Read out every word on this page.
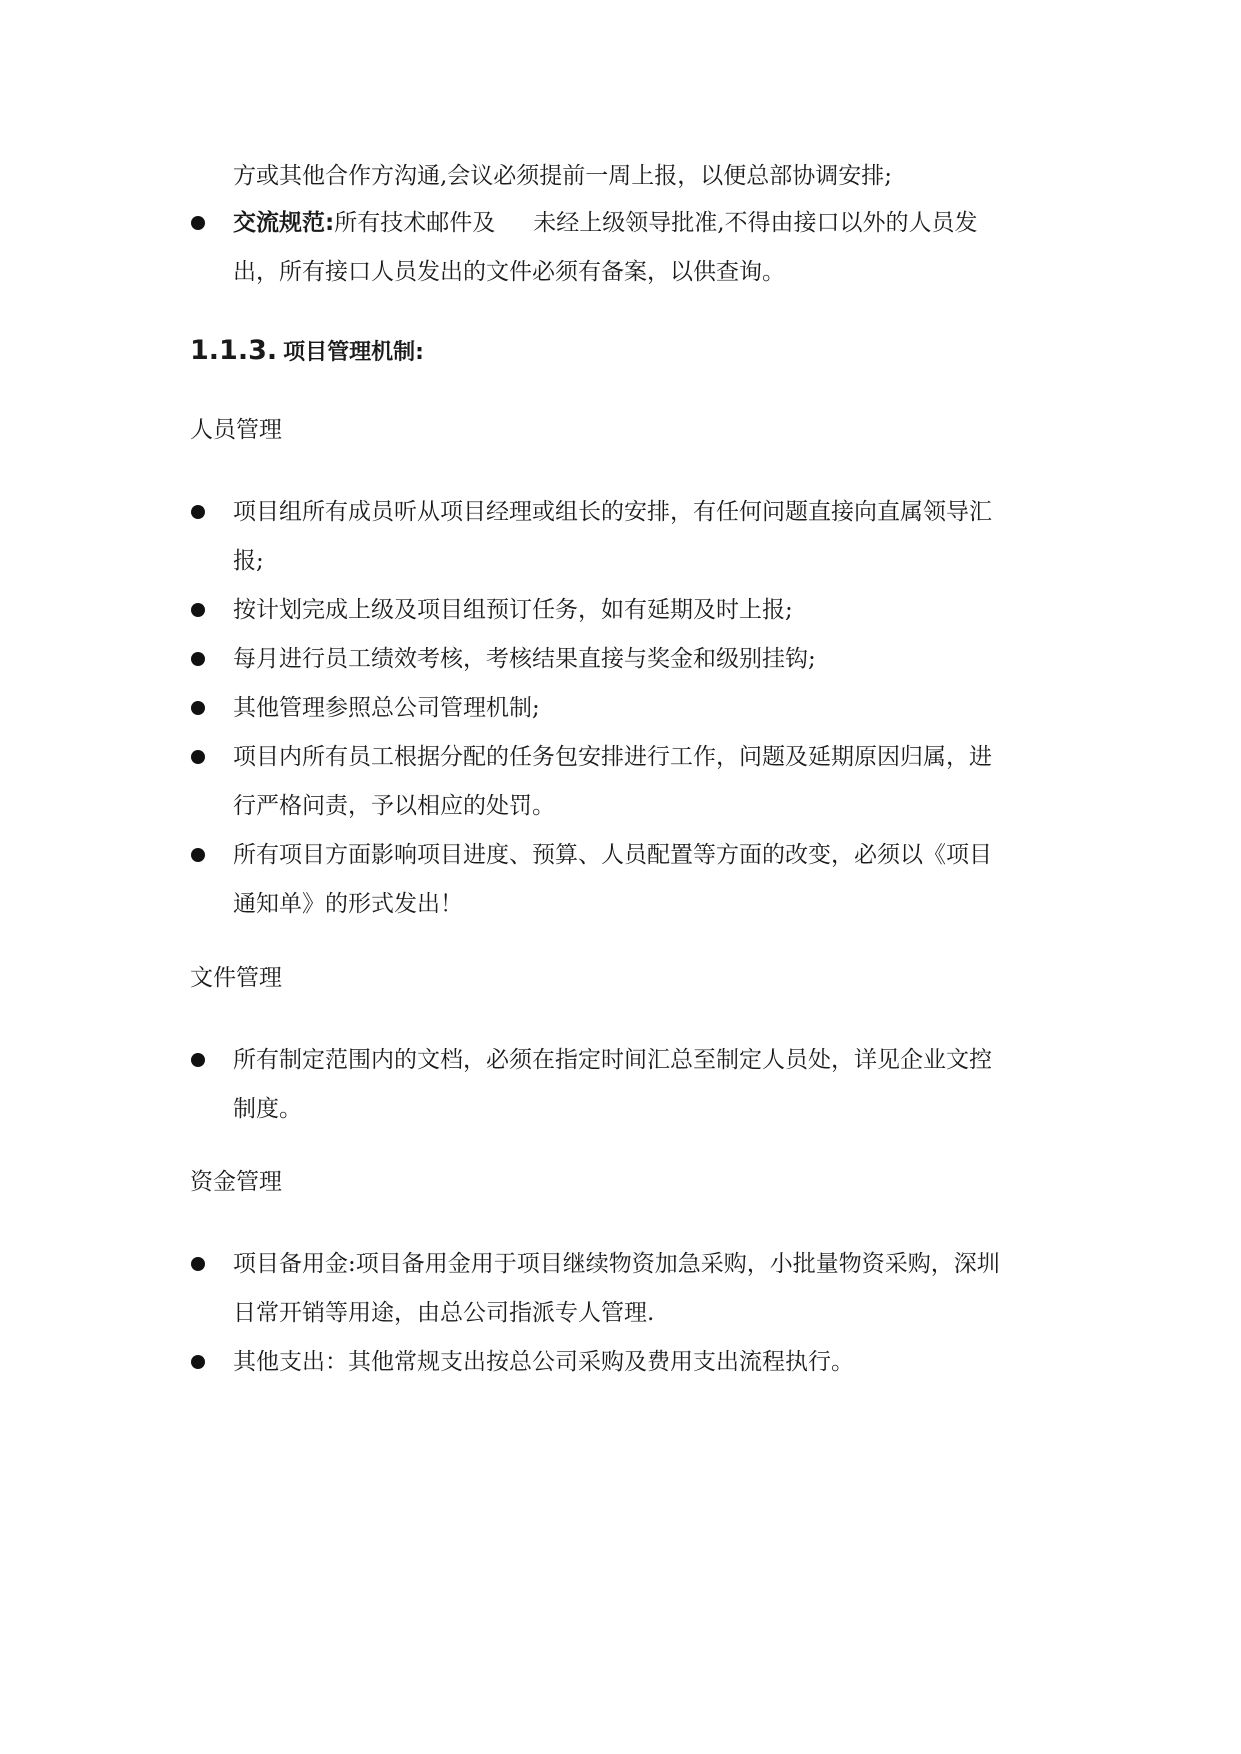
方或其他合作方沟通,会议必须提前一周上报，以便总部协调安排;
交流规范:所有技术邮件及 未经上级领导批准,不得由接口以外的人员发
出，所有接口人员发出的文件必须有备案，以供查询。
1.1.3. 项目管理机制:
人员管理
项目组所有成员听从项目经理或组长的安排，有任何问题直接向直属领导汇
报;
按计划完成上级及项目组预订任务，如有延期及时上报;
每月进行员工绩效考核，考核结果直接与奖金和级别挂钩;
其他管理参照总公司管理机制;
项目内所有员工根据分配的任务包安排进行工作，问题及延期原因归属，进
行严格问责，予以相应的处罚。
所有项目方面影响项目进度、预算、人员配置等方面的改变，必须以《项目
通知单》的形式发出！
文件管理
所有制定范围内的文档，必须在指定时间汇总至制定人员处，详见企业文控
制度。
资金管理
项目备用金:项目备用金用于项目继续物资加急采购，小批量物资采购，深圳
日常开销等用途，由总公司指派专人管理.
其他支出：其他常规支出按总公司采购及费用支出流程执行。
